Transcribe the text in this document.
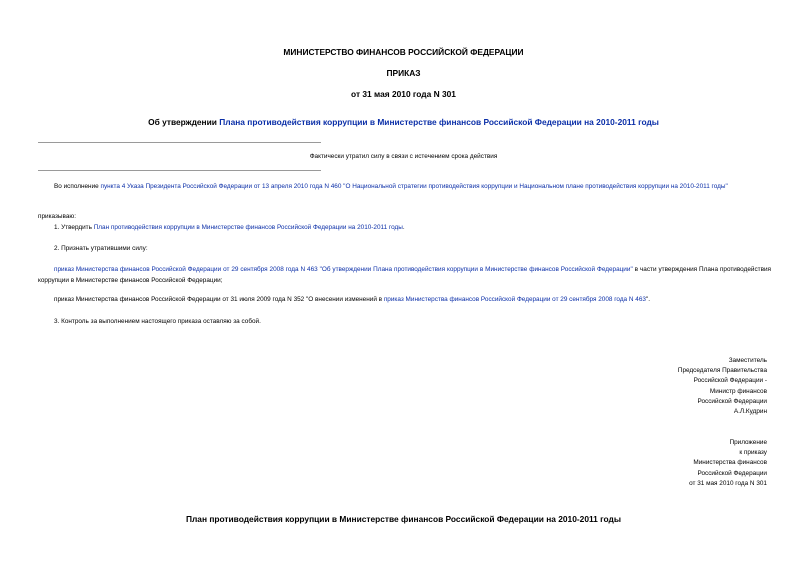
МИНИСТЕРСТВО ФИНАНСОВ РОССИЙСКОЙ ФЕДЕРАЦИИ
ПРИКАЗ
от 31 мая 2010 года N 301
Об утверждении Плана противодействия коррупции в Министерстве финансов Российской Федерации на 2010-2011 годы
Фактически утратил силу в связи с истечением срока действия
Во исполнение пункта 4 Указа Президента Российской Федерации от 13 апреля 2010 года N 460 "О Национальной стратегии противодействия коррупции и Национальном плане противодействия коррупции на 2010-2011 годы"
приказываю:
1. Утвердить План противодействия коррупции в Министерстве финансов Российской Федерации на 2010-2011 годы.
2. Признать утратившими силу:
приказ Министерства финансов Российской Федерации от 29 сентября 2008 года N 463 "Об утверждении Плана противодействия коррупции в Министерстве финансов Российской Федерации" в части утверждения Плана противодействия коррупции в Министерстве финансов Российской Федерации;
приказ Министерства финансов Российской Федерации от 31 июля 2009 года N 352 "О внесении изменений в приказ Министерства финансов Российской Федерации от 29 сентября 2008 года N 463".
3. Контроль за выполнением настоящего приказа оставляю за собой.
Заместитель
Председателя Правительства
Российской Федерации -
Министр финансов
Российской Федерации
А.Л.Кудрин
Приложение
к приказу
Министерства финансов
Российской Федерации
от 31 мая 2010 года N 301
План противодействия коррупции в Министерстве финансов Российской Федерации на 2010-2011 годы
